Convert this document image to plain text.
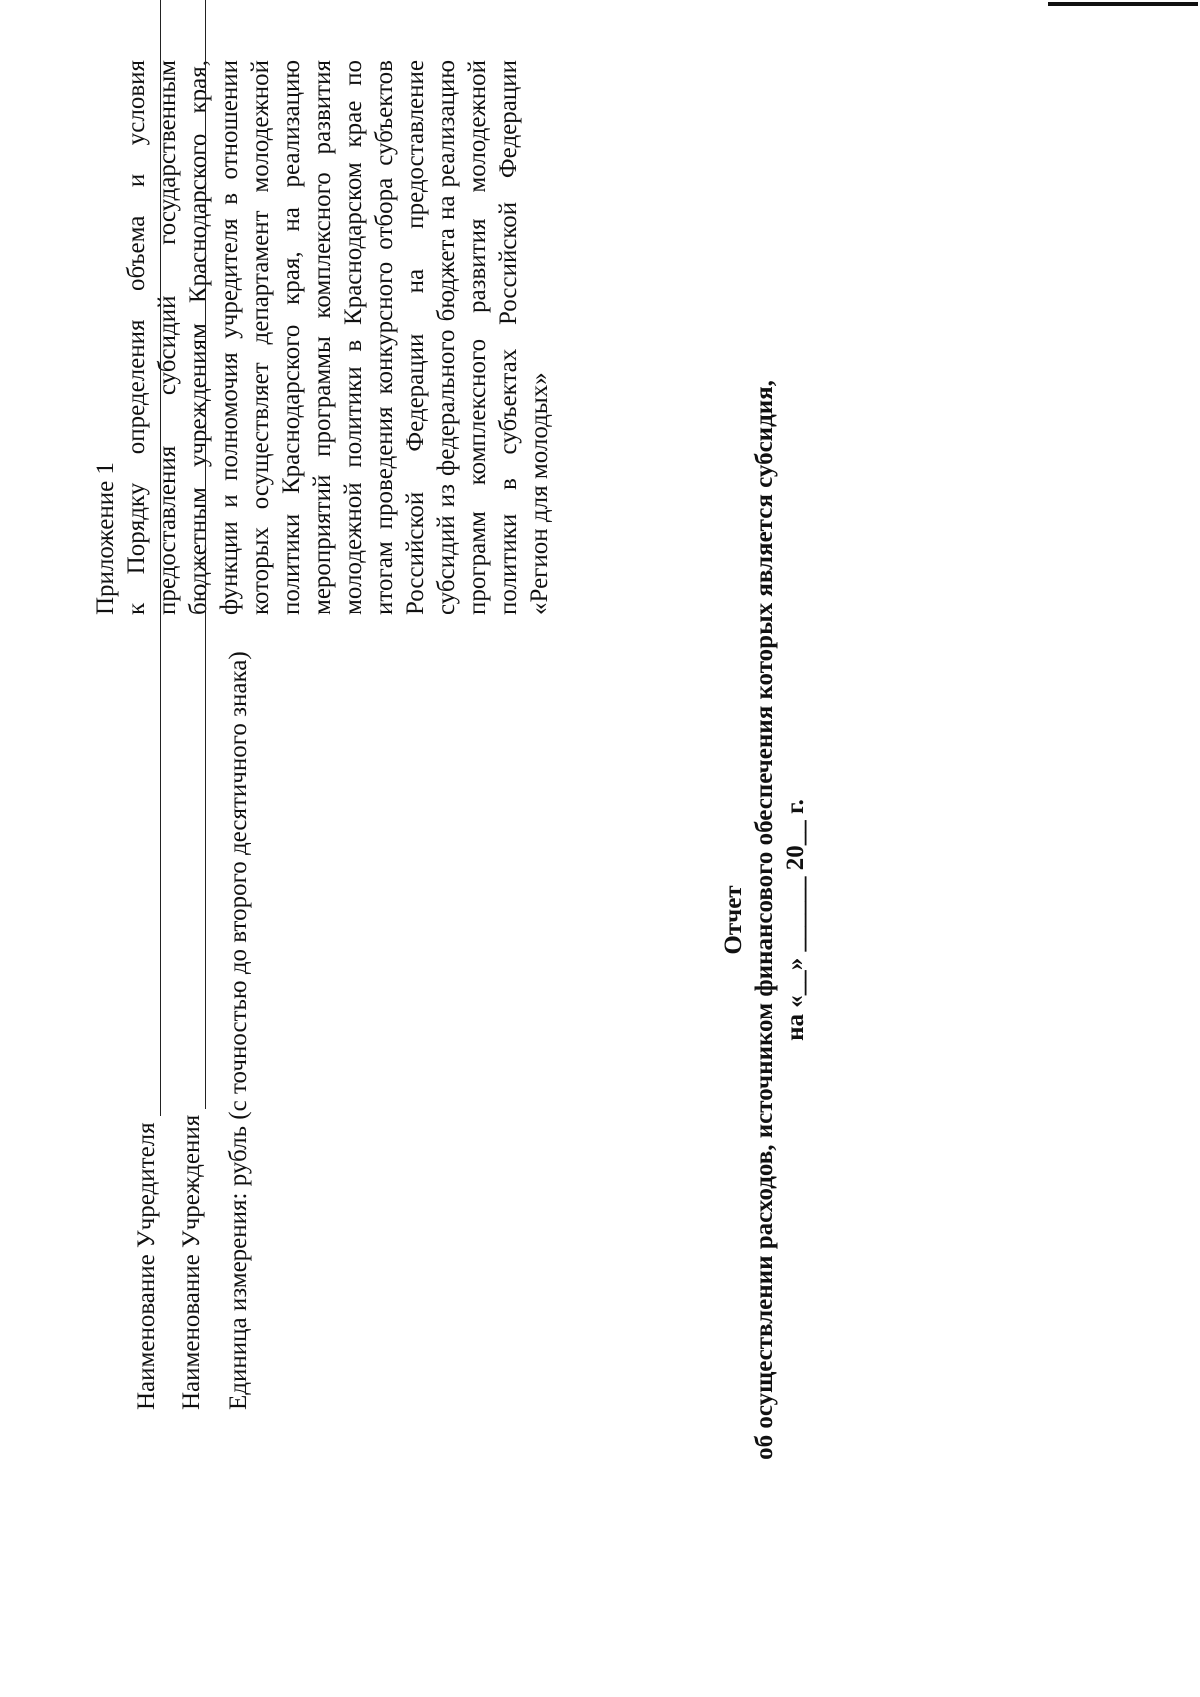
Приложение 1 к Порядку определения объема и условия предоставления субсидий государственным бюджетным учреждениям Краснодарского края, функции и полномочия учредителя в отношении которых осуществляет департамент молодежной политики Краснодарского края, на реализацию мероприятий программы комплексного развития молодежной политики в Краснодарском крае по итогам проведения конкурсного отбора субъектов Российской Федерации на предоставление субсидий из федерального бюджета на реализацию программ комплексного развития молодежной политики в субъектах Российской Федерации «Регион для молодых»
Отчет об осуществлении расходов, источником финансового обеспечения которых является субсидия, на «__» ______ 20__ г.
Наименование Учредителя Наименование Учреждения Единица измерения: рубль (с точностью до второго десятичного знака)
